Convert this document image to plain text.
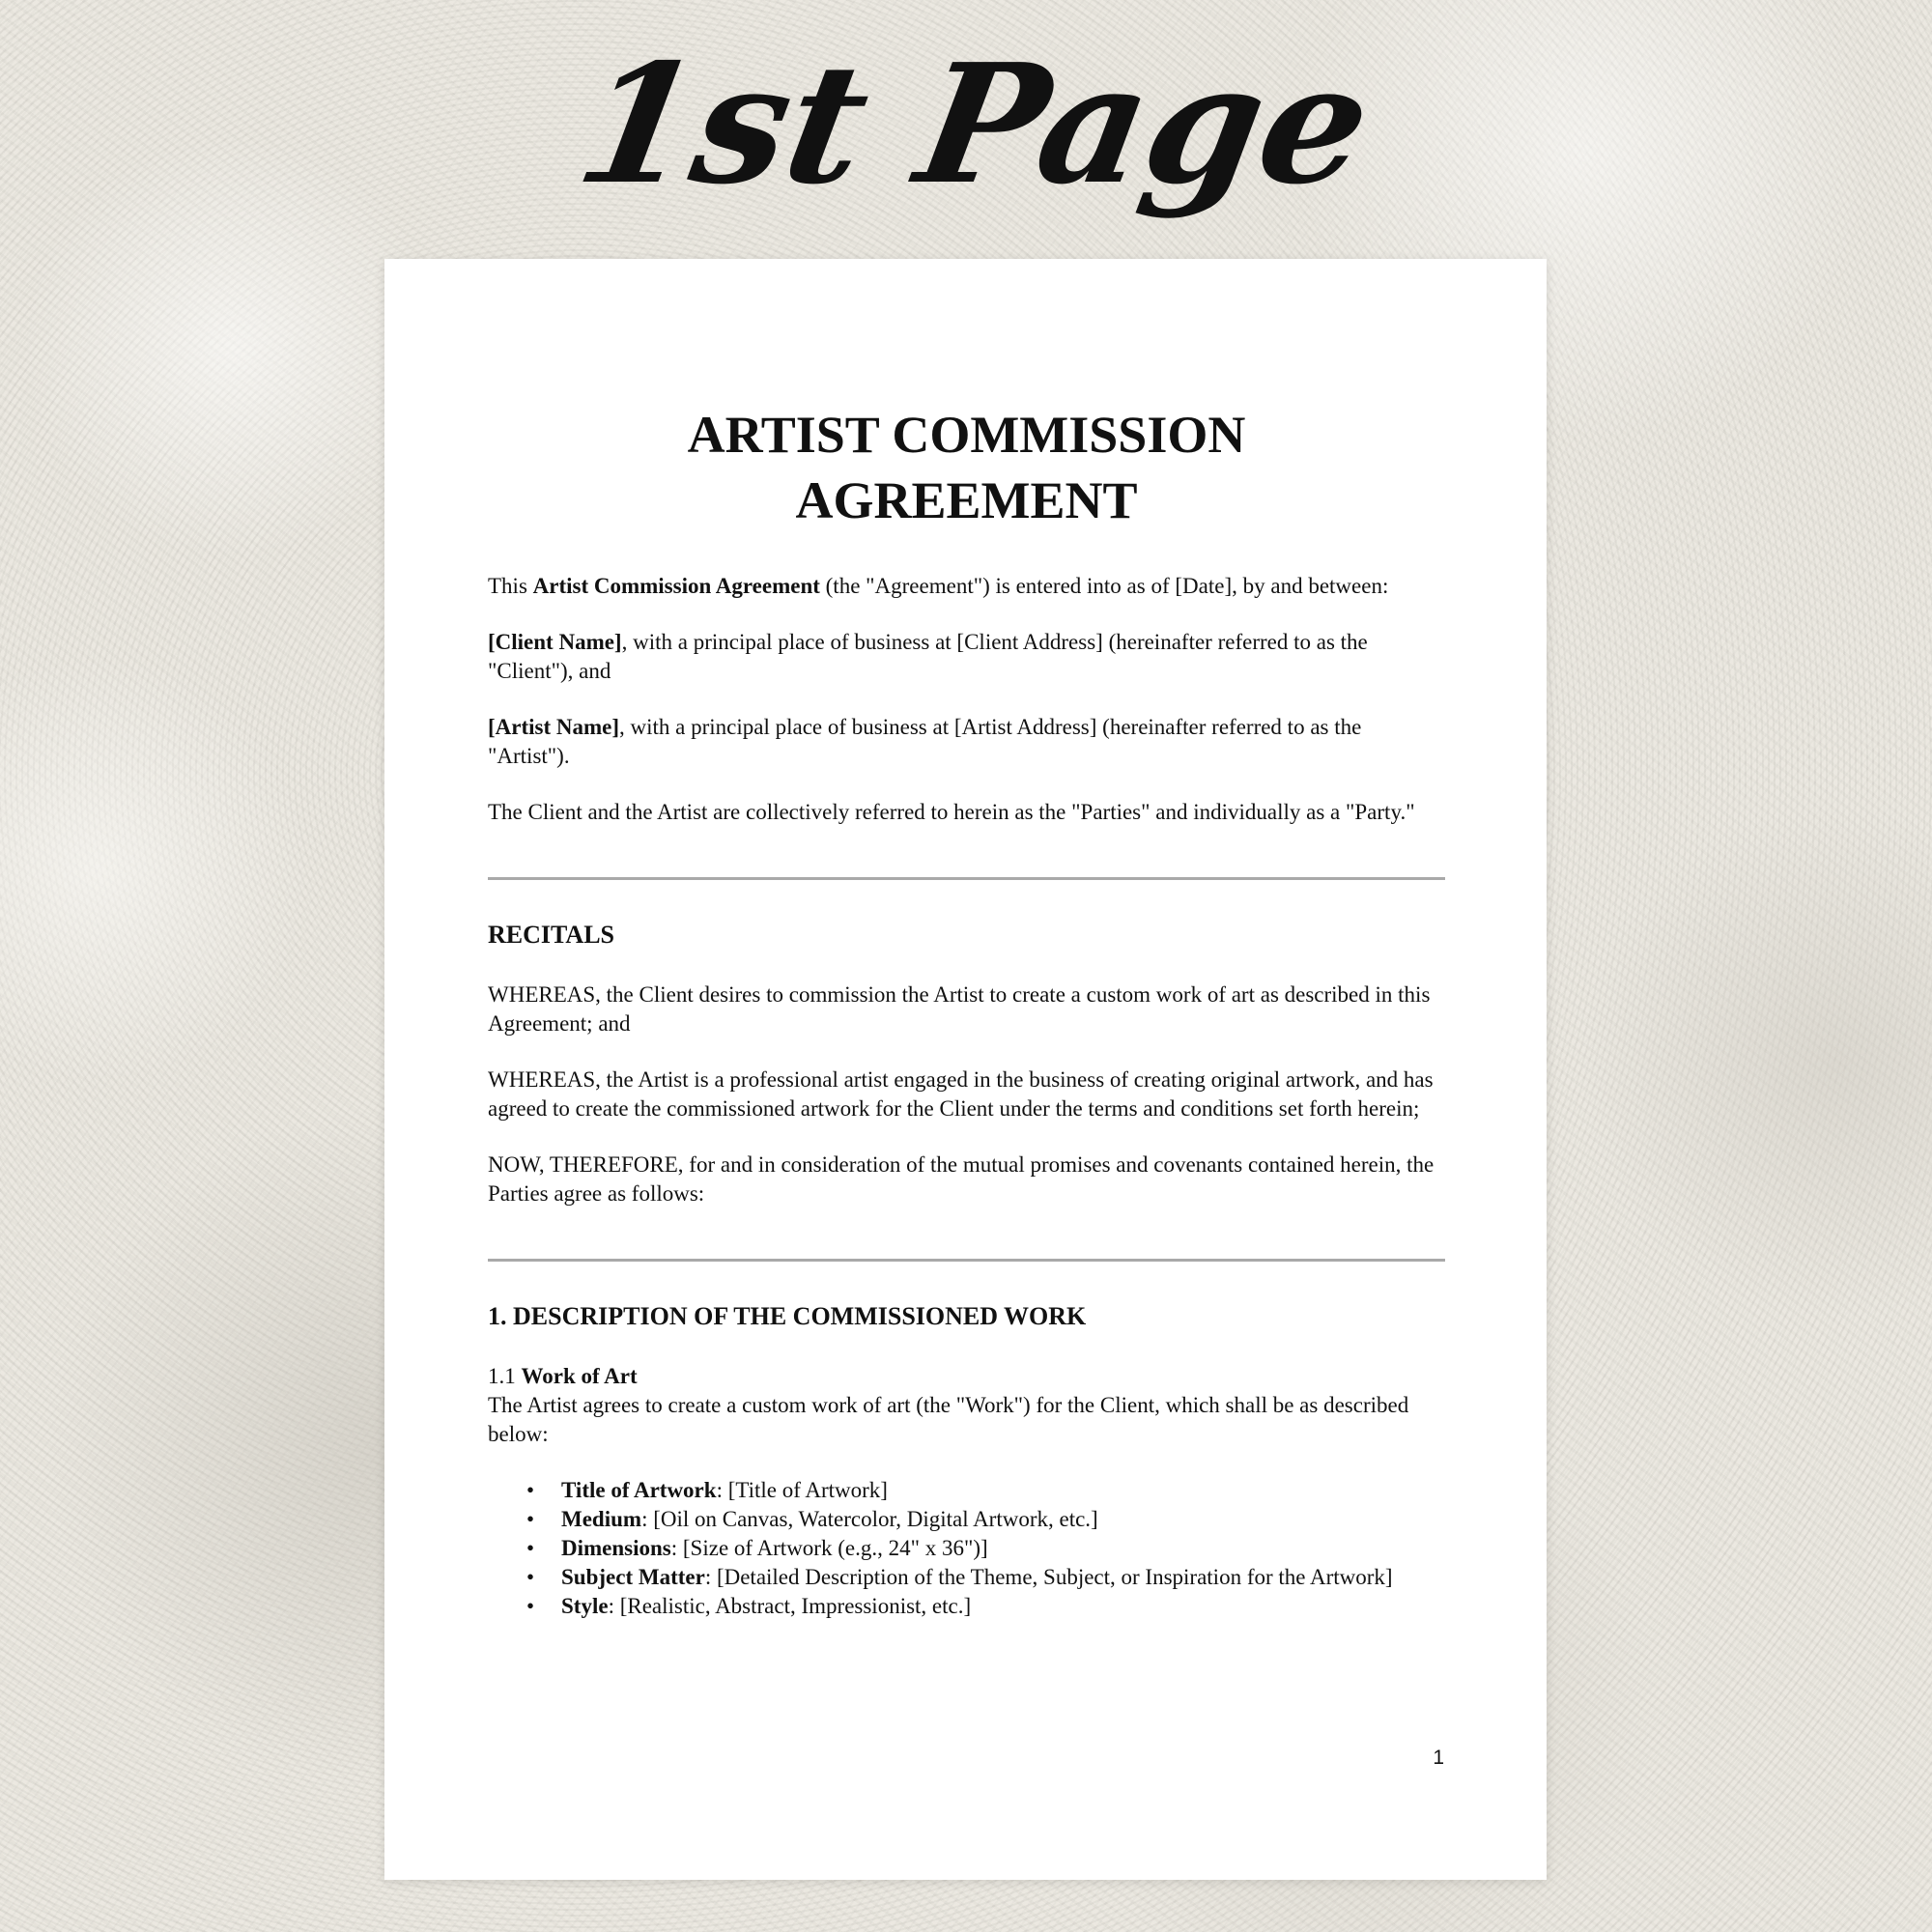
1st Page
ARTIST COMMISSION
AGREEMENT

This Artist Commission Agreement (the "Agreement") is entered into as of [Date], by and between:

[Client Name], with a principal place of business at [Client Address] (hereinafter referred to as the "Client"), and

[Artist Name], with a principal place of business at [Artist Address] (hereinafter referred to as the "Artist").

The Client and the Artist are collectively referred to herein as the "Parties" and individually as a "Party."

RECITALS

WHEREAS, the Client desires to commission the Artist to create a custom work of art as described in this Agreement; and

WHEREAS, the Artist is a professional artist engaged in the business of creating original artwork, and has agreed to create the commissioned artwork for the Client under the terms and conditions set forth herein;

NOW, THEREFORE, for and in consideration of the mutual promises and covenants contained herein, the Parties agree as follows:

1. DESCRIPTION OF THE COMMISSIONED WORK

1.1 Work of Art
The Artist agrees to create a custom work of art (the "Work") for the Client, which shall be as described below:

• Title of Artwork: [Title of Artwork]
• Medium: [Oil on Canvas, Watercolor, Digital Artwork, etc.]
• Dimensions: [Size of Artwork (e.g., 24" x 36")]
• Subject Matter: [Detailed Description of the Theme, Subject, or Inspiration for the Artwork]
• Style: [Realistic, Abstract, Impressionist, etc.]
1
